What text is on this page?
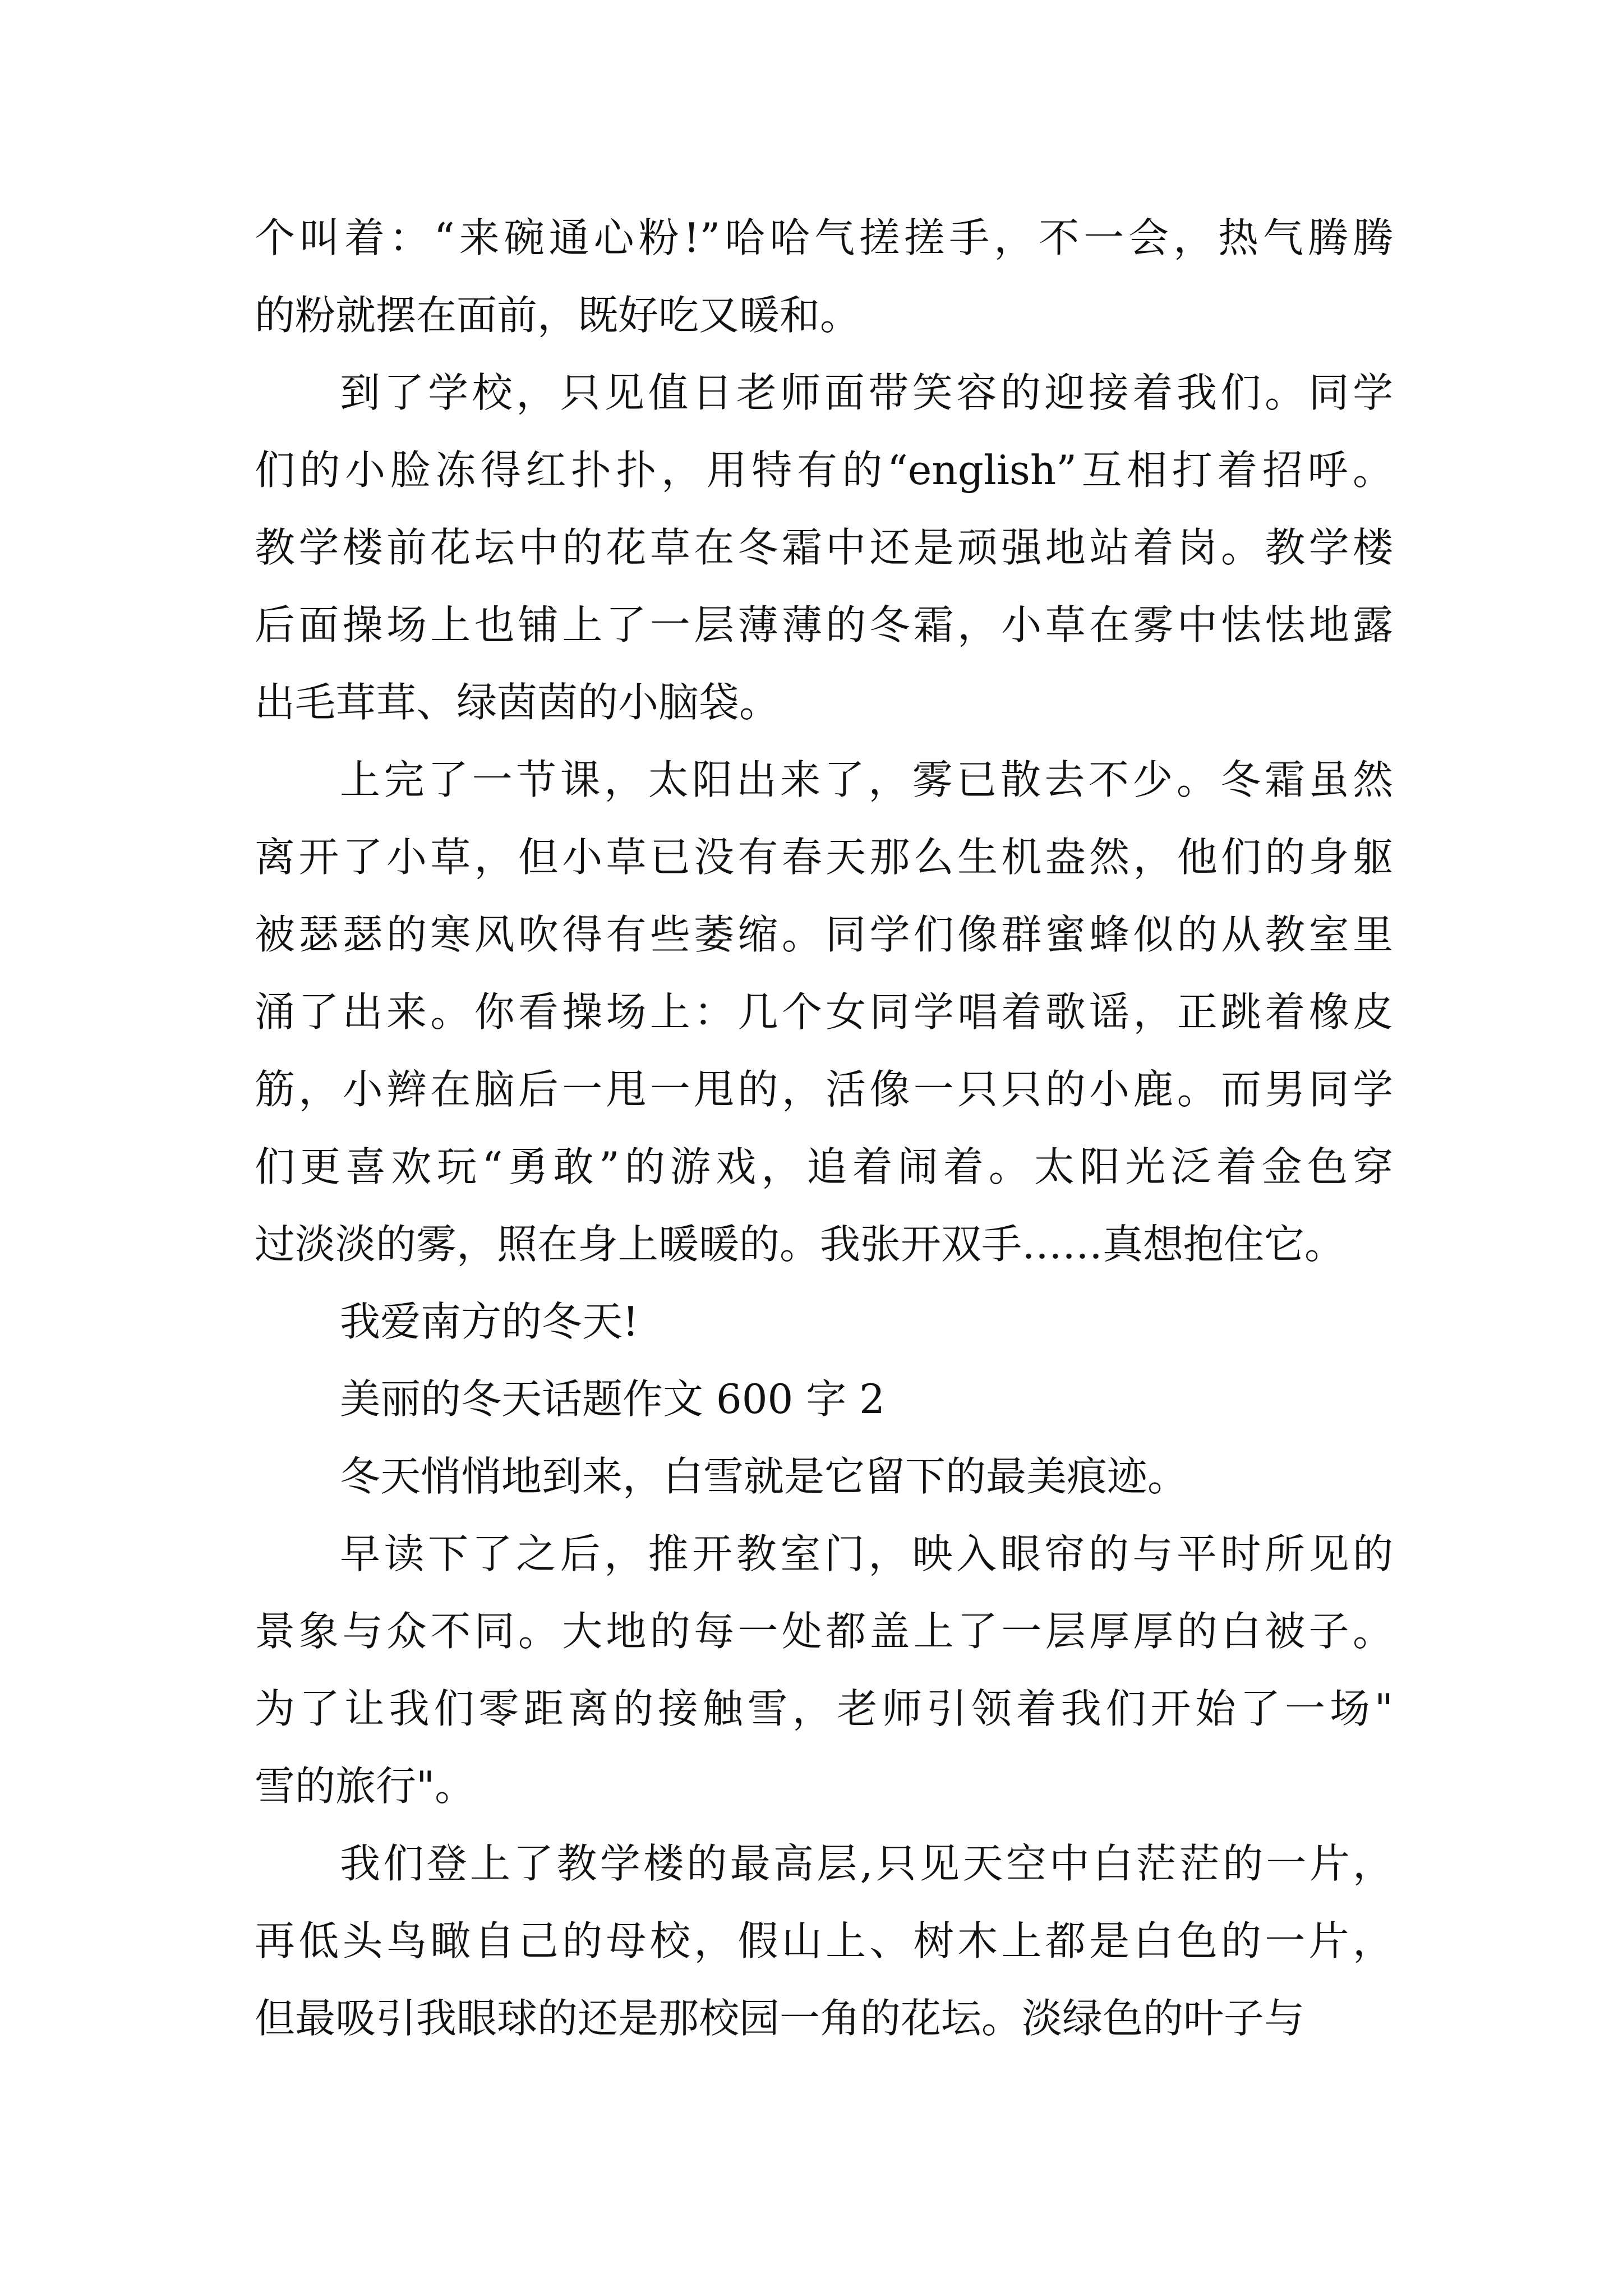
个叫着：“来碗通心粉!”哈哈气搓搓手，不一会，热气腾腾
的粉就摆在面前，既好吃又暖和。
到了学校，只见值日老师面带笑容的迎接着我们。同学
们的小脸冻得红扑扑，用特有的“english”互相打着招呼。
教学楼前花坛中的花草在冬霜中还是顽强地站着岗。教学楼
后面操场上也铺上了一层薄薄的冬霜，小草在雾中怯怯地露
出毛茸茸、绿茵茵的小脑袋。
上完了一节课，太阳出来了，雾已散去不少。冬霜虽然
离开了小草，但小草已没有春天那么生机盎然，他们的身躯
被瑟瑟的寒风吹得有些萎缩。同学们像群蜜蜂似的从教室里
涌了出来。你看操场上：几个女同学唱着歌谣，正跳着橡皮
筋，小辫在脑后一甩一甩的，活像一只只的小鹿。而男同学
们更喜欢玩“勇敢”的游戏，追着闹着。太阳光泛着金色穿
过淡淡的雾，照在身上暖暖的。我张开双手……真想抱住它。
我爱南方的冬天!
美丽的冬天话题作文 600 字 2
冬天悄悄地到来，白雪就是它留下的最美痕迹。
早读下了之后，推开教室门，映入眼帘的与平时所见的
景象与众不同。大地的每一处都盖上了一层厚厚的白被子。
为了让我们零距离的接触雪，老师引领着我们开始了一场"
雪的旅行"。
我们登上了教学楼的最高层,只见天空中白茫茫的一片，
再低头鸟瞰自己的母校，假山上、树木上都是白色的一片，
但最吸引我眼球的还是那校园一角的花坛。淡绿色的叶子与
